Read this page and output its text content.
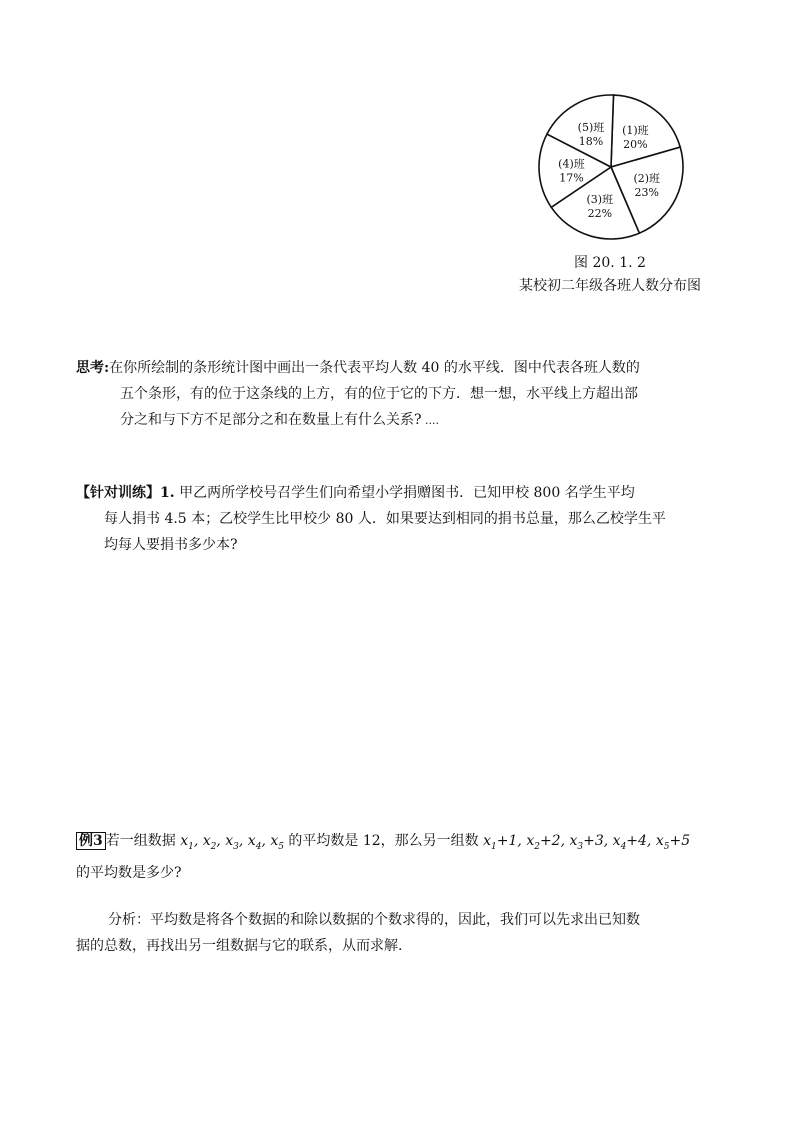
(1)班
20%
(2)班
23%
(3)班
22%
(4)班
17%
(5)班
18%
图 20. 1. 2
某校初二年级各班人数分布图
思考:在你所绘制的条形统计图中画出一条代表平均人数 40 的水平线．图中代表各班人数的
五个条形，有的位于这条线的上方，有的位于它的下方．想一想，水平线上方超出部
分之和与下方不足部分之和在数量上有什么关系? ....
【针对训练】1. 甲乙两所学校号召学生们向希望小学捐赠图书．已知甲校 800 名学生平均
每人捐书 4.5 本；乙校学生比甲校少 80 人．如果要达到相同的捐书总量，那么乙校学生平
均每人要捐书多少本?
例3 若一组数据 $x_1$, $x_2$, $x_3$, $x_4$, $x_5$ 的平均数是 12，那么另一组数 $x_1+1$, $x_2+2$, $x_3+3$, $x_4+4$, $x_5+5$
的平均数是多少?
分析：平均数是将各个数据的和除以数据的个数求得的，因此，我们可以先求出已知数
据的总数，再找出另一组数据与它的联系，从而求解.
